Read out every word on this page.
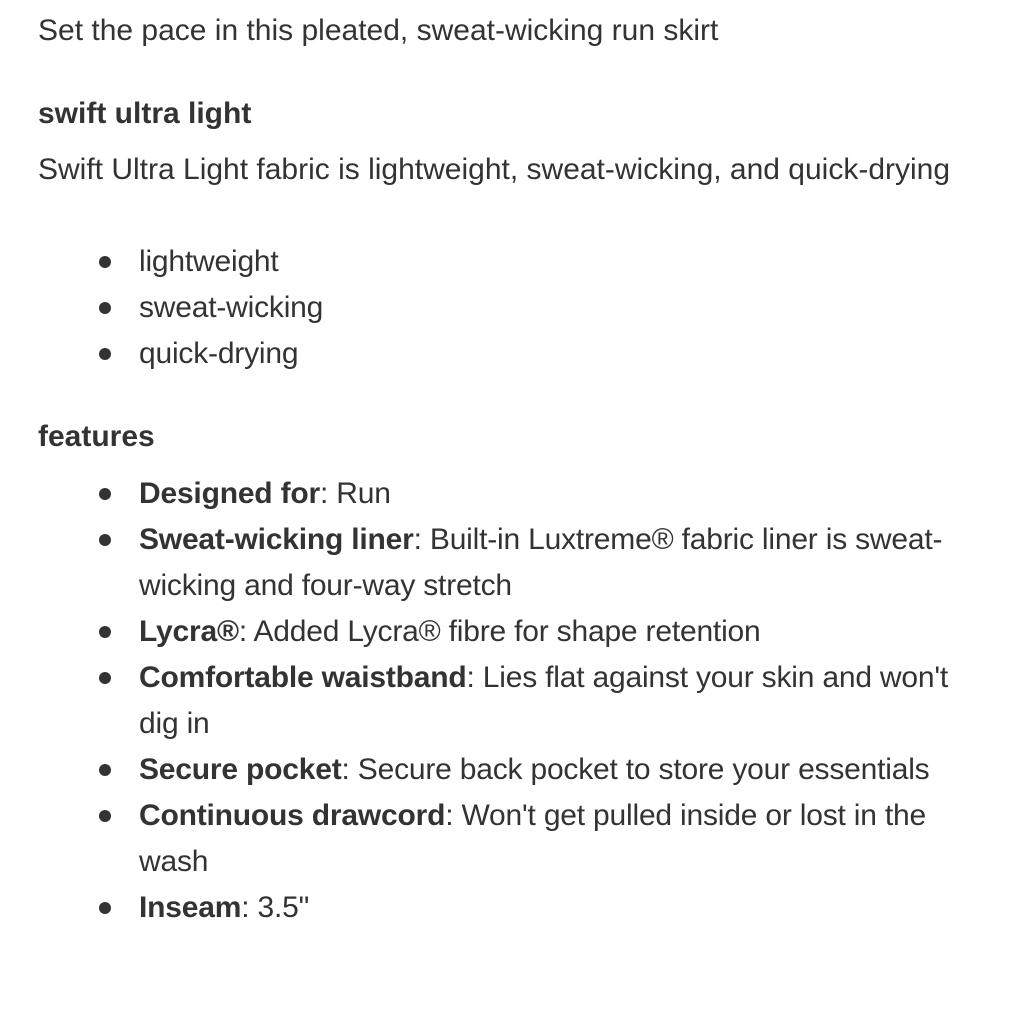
Set the pace in this pleated, sweat-wicking run skirt

swift ultra light

Swift Ultra Light fabric is lightweight, sweat-wicking, and quick-drying

lightweight
sweat-wicking
quick-drying
features
Designed for: Run
Sweat-wicking liner: Built-in Luxtreme® fabric liner is sweat-wicking and four-way stretch
Lycra®: Added Lycra® fibre for shape retention
Comfortable waistband: Lies flat against your skin and won't dig in
Secure pocket: Secure back pocket to store your essentials
Continuous drawcord: Won't get pulled inside or lost in the wash
Inseam: 3.5"
